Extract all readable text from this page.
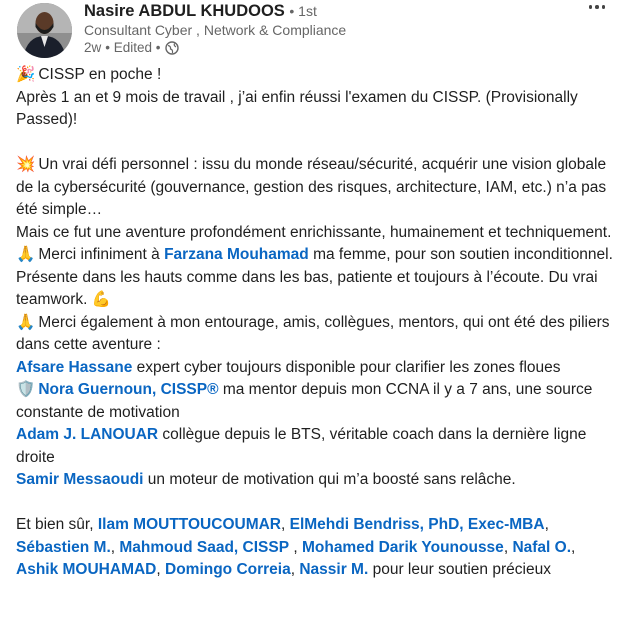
Nasire ABDUL KHUDOOS • 1st
Consultant Cyber , Network & Compliance
2w • Edited •

🎉 CISSP en poche !

Après 1 an et 9 mois de travail , j’ai enfin réussi l'examen du CISSP. (Provisionally Passed)!

💥 Un vrai défi personnel : issu du monde réseau/sécurité, acquérir une vision globale de la cybersécurité (gouvernance, gestion des risques, architecture, IAM, etc.) n’a pas été simple…

Mais ce fut une aventure profondément enrichissante, humainement et techniquement.

🙏 Merci infiniment à Farzana Mouhamad ma femme, pour son soutien inconditionnel. Présente dans les hauts comme dans les bas, patiente et toujours à l’écoute. Du vrai teamwork. 💪

🙏 Merci également à mon entourage, amis, collègues, mentors, qui ont été des piliers dans cette aventure :

Afsare Hassane expert cyber toujours disponible pour clarifier les zones floues

🛡️ Nora Guernoun, CISSP® ma mentor depuis mon CCNA il y a 7 ans, une source constante de motivation

Adam J. LANOUAR collègue depuis le BTS, véritable coach dans la dernière ligne droite

Samir Messaoudi un moteur de motivation qui m’a boosté sans relâche.

Et bien sûr, Ilam MOUTTOUCOUMAR, ElMehdi Bendriss, PhD, Exec-MBA, Sébastien M., Mahmoud Saad, CISSP , Mohamed Darik Younousse, Nafal O., Ashik MOUHAMAD, Domingo Correia, Nassir M. pour leur soutien précieux
